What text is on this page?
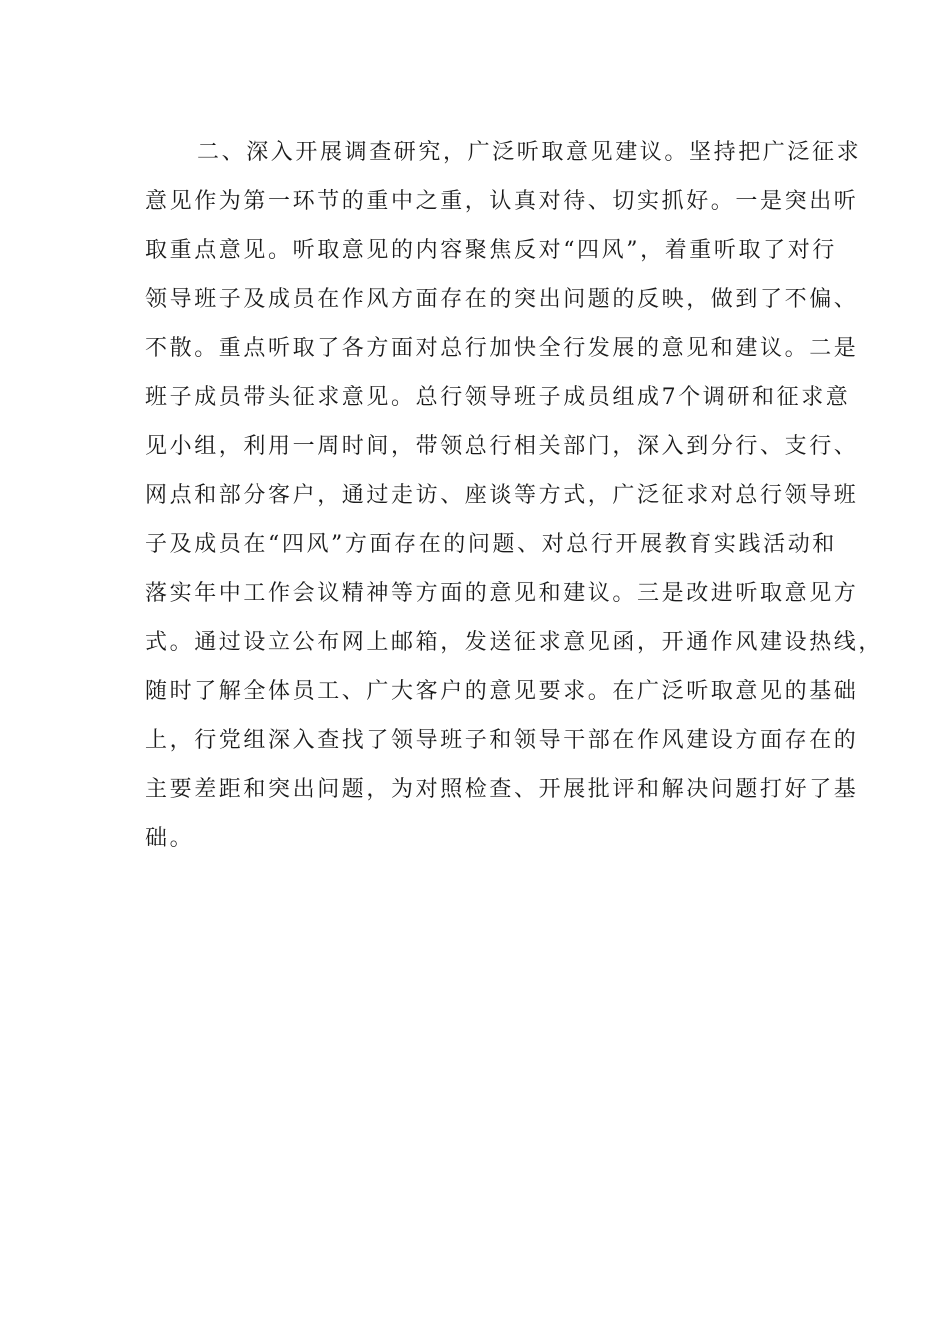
二、深入开展调查研究，广泛听取意见建议。坚持把广泛征求
意见作为第一环节的重中之重，认真对待、切实抓好。一是突出听
取重点意见。听取意见的内容聚焦反对“四风”，着重听取了对行
领导班子及成员在作风方面存在的突出问题的反映，做到了不偏、
不散。重点听取了各方面对总行加快全行发展的意见和建议。二是
班子成员带头征求意见。总行领导班子成员组成7个调研和征求意
见小组，利用一周时间，带领总行相关部门，深入到分行、支行、
网点和部分客户，通过走访、座谈等方式，广泛征求对总行领导班
子及成员在“四风”方面存在的问题、对总行开展教育实践活动和
落实年中工作会议精神等方面的意见和建议。三是改进听取意见方
式。通过设立公布网上邮箱，发送征求意见函，开通作风建设热线，
随时了解全体员工、广大客户的意见要求。在广泛听取意见的基础
上，行党组深入查找了领导班子和领导干部在作风建设方面存在的
主要差距和突出问题，为对照检查、开展批评和解决问题打好了基
础。
